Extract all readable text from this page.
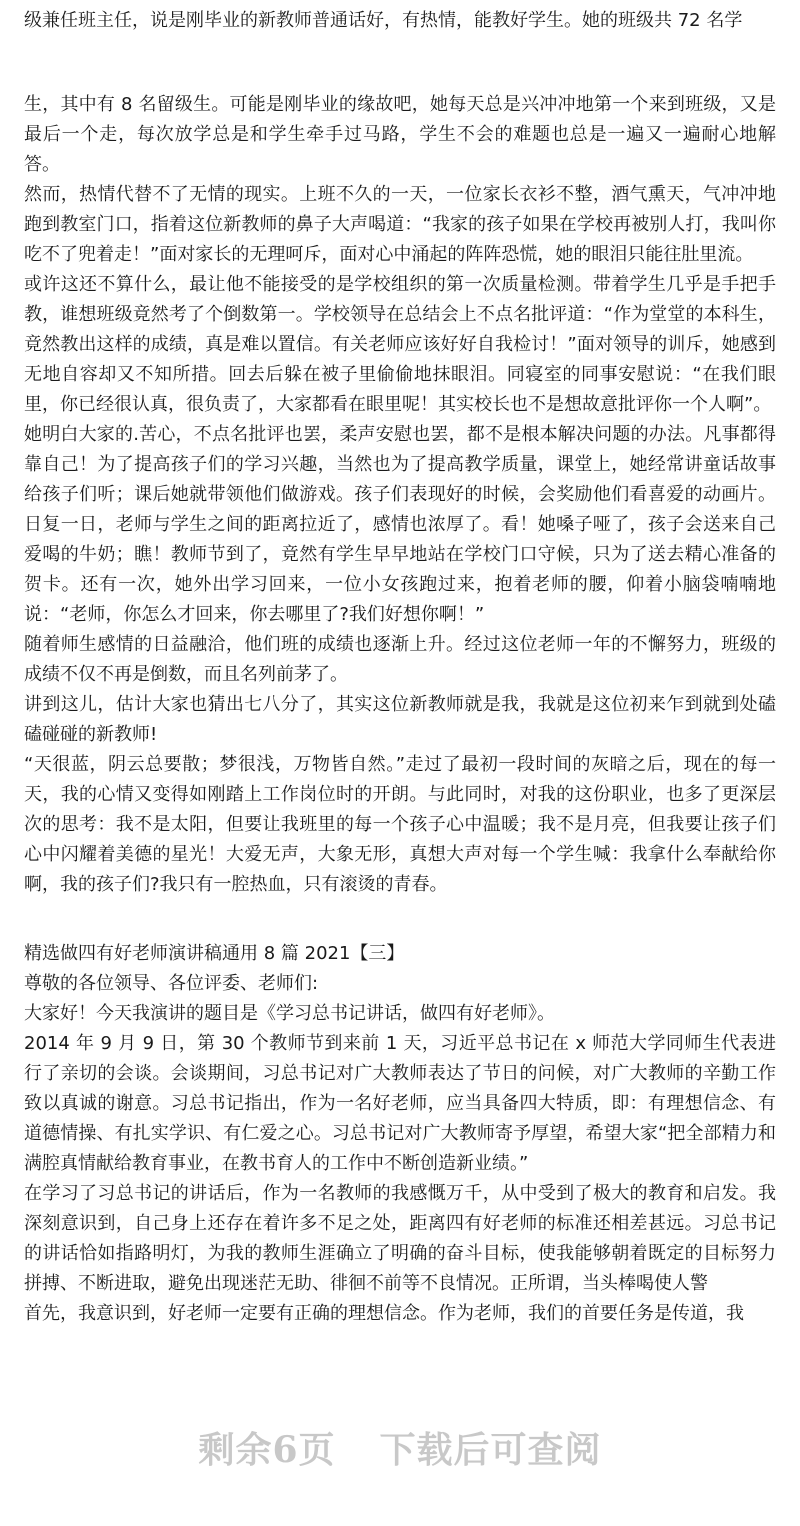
级兼任班主任，说是刚毕业的新教师普通话好，有热情，能教好学生。她的班级共 72 名学

生，其中有 8 名留级生。可能是刚毕业的缘故吧，她每天总是兴冲冲地第一个来到班级，又是最后一个走，每次放学总是和学生牵手过马路，学生不会的难题也总是一遍又一遍耐心地解答。

然而，热情代替不了无情的现实。上班不久的一天，一位家长衣衫不整，酒气熏天，气冲冲地跑到教室门口，指着这位新教师的鼻子大声喝道：“我家的孩子如果在学校再被别人打，我叫你吃不了兜着走！”面对家长的无理呵斥，面对心中涌起的阵阵恐慌，她的眼泪只能往肚里流。

或许这还不算什么，最让他不能接受的是学校组织的第一次质量检测。带着学生几乎是手把手教，谁想班级竟然考了个倒数第一。学校领导在总结会上不点名批评道：“作为堂堂的本科生，竟然教出这样的成绩，真是难以置信。有关老师应该好好自我检讨！”面对领导的训斥，她感到无地自容却又不知所措。回去后躲在被子里偷偷地抹眼泪。同寝室的同事安慰说：“在我们眼里，你已经很认真，很负责了，大家都看在眼里呢！其实校长也不是想故意批评你一个人啊”。

她明白大家的.苦心，不点名批评也罢，柔声安慰也罢，都不是根本解决问题的办法。凡事都得靠自己！为了提高孩子们的学习兴趣，当然也为了提高教学质量，课堂上，她经常讲童话故事给孩子们听；课后她就带领他们做游戏。孩子们表现好的时候，会奖励他们看喜爱的动画片。日复一日，老师与学生之间的距离拉近了，感情也浓厚了。看！她嗓子哑了，孩子会送来自己爱喝的牛奶；瞧！教师节到了，竟然有学生早早地站在学校门口守候，只为了送去精心准备的贺卡。还有一次，她外出学习回来，一位小女孩跑过来，抱着老师的腰，仰着小脑袋喃喃地说：“老师，你怎么才回来，你去哪里了?我们好想你啊！”

随着师生感情的日益融洽，他们班的成绩也逐渐上升。经过这位老师一年的不懈努力，班级的成绩不仅不再是倒数，而且名列前茅了。

讲到这儿，估计大家也猜出七八分了，其实这位新教师就是我，我就是这位初来乍到就到处磕磕碰碰的新教师!

“天很蓝，阴云总要散；梦很浅，万物皆自然。”走过了最初一段时间的灰暗之后，现在的每一天，我的心情又变得如刚踏上工作岗位时的开朗。与此同时，对我的这份职业，也多了更深层次的思考：我不是太阳，但要让我班里的每一个孩子心中温暖；我不是月亮，但我要让孩子们心中闪耀着美德的星光！大爱无声，大象无形，真想大声对每一个学生喊：我拿什么奉献给你啊，我的孩子们?我只有一腔热血，只有滚烫的青春。

精选做四有好老师演讲稿通用 8 篇 2021【三】

尊敬的各位领导、各位评委、老师们:

大家好！今天我演讲的题目是《学习总书记讲话，做四有好老师》。

2014 年 9 月 9 日，第 30 个教师节到来前 1 天，习近平总书记在 x 师范大学同师生代表进行了亲切的会谈。会谈期间，习总书记对广大教师表达了节日的问候，对广大教师的辛勤工作致以真诚的谢意。习总书记指出，作为一名好老师，应当具备四大特质，即：有理想信念、有道德情操、有扎实学识、有仁爱之心。习总书记对广大教师寄予厚望，希望大家“把全部精力和满腔真情献给教育事业，在教书育人的工作中不断创造新业绩。”

在学习了习总书记的讲话后，作为一名教师的我感慨万千，从中受到了极大的教育和启发。我深刻意识到，自己身上还存在着许多不足之处，距离四有好老师的标准还相差甚远。习总书记的讲话恰如指路明灯，为我的教师生涯确立了明确的奋斗目标，使我能够朝着既定的目标努力拼搏、不断进取，避免出现迷茫无助、徘徊不前等不良情况。正所谓，当头棒喝使人警

首先，我意识到，好老师一定要有正确的理想信念。作为老师，我们的首要任务是传道，我

剩余6页 下载后可查阅
